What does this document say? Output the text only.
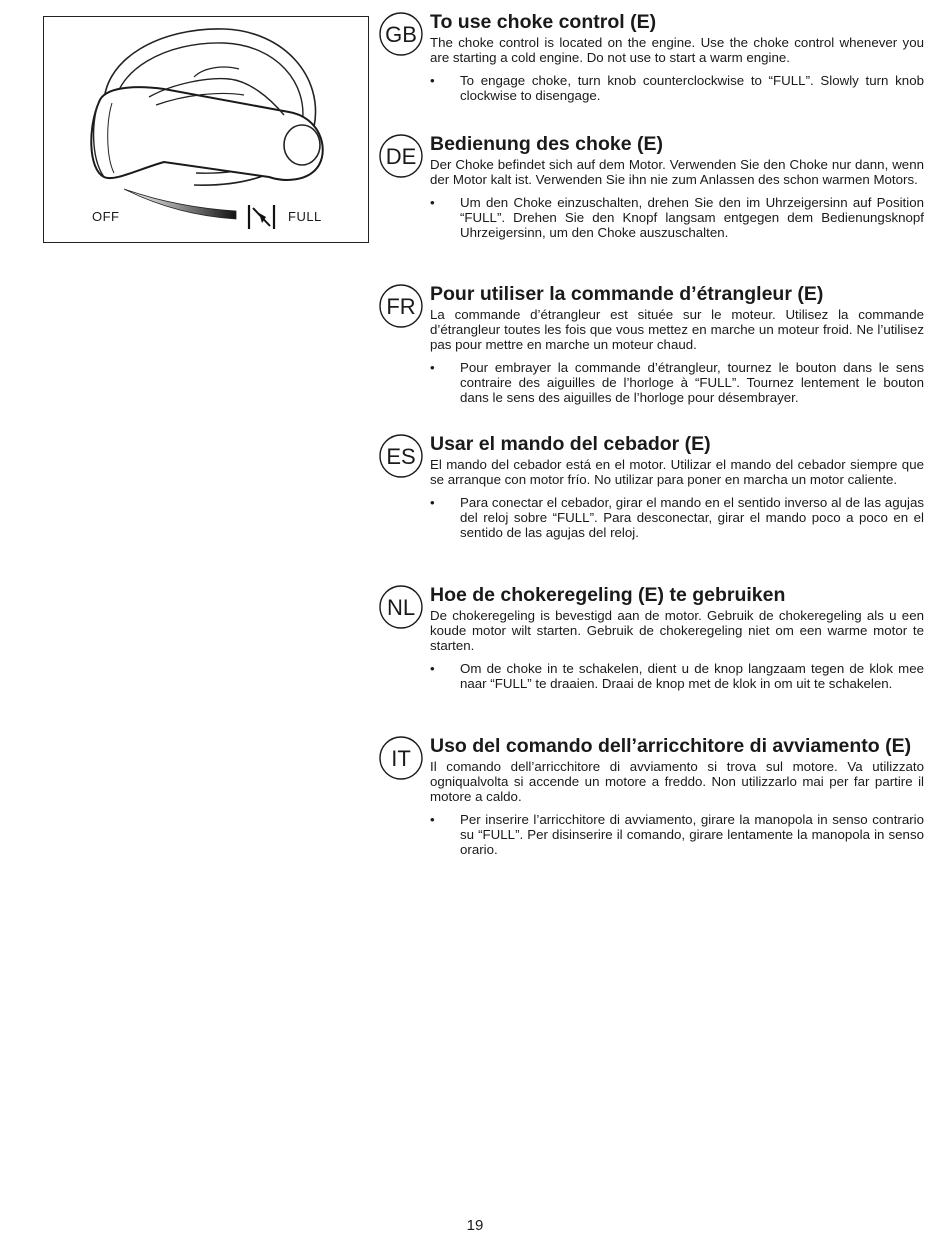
OFF	FULL
GB To use choke control (E)

The choke control is located on the engine. Use the choke control whenever you are starting a cold engine. Do not use to start a warm engine.

• To engage choke, turn knob counterclockwise to “FULL”. Slowly turn knob clockwise to disengage.

DE Bedienung des choke (E)

Der Choke befindet sich auf dem Motor. Verwenden Sie den Choke nur dann, wenn der Motor kalt ist. Verwenden Sie ihn nie zum Anlassen des schon warmen Motors.

• Um den Choke einzuschalten, drehen Sie den im Uhrzeigersinn auf Position “FULL”. Drehen Sie den Knopf langsam entgegen dem Bedienungsknopf Uhrzeigersinn, um den Choke auszuschalten.

FR Pour utiliser la commande d’étrangleur (E)

La commande d’étrangleur est située sur le moteur. Utilisez la commande d’étrangleur toutes les fois que vous mettez en marche un moteur froid. Ne l’utilisez pas pour mettre en marche un moteur chaud.

• Pour embrayer la commande d’étrangleur, tournez le bouton dans le sens contraire des aiguilles de l’horloge à “FULL”. Tournez lentement le bouton dans le sens des aiguilles de l’horloge pour désembrayer.

ES Usar el mando del cebador (E)

El mando del cebador está en el motor. Utilizar el mando del cebador siempre que se arranque con motor frío. No utilizar para poner en marcha un motor caliente.

• Para conectar el cebador, girar el mando en el sentido inverso al de las agujas del reloj sobre “FULL”. Para desconectar, girar el mando poco a poco en el sentido de las agujas del reloj.

NL Hoe de chokeregeling (E) te gebruiken

De chokeregeling is bevestigd aan de motor. Gebruik de chokeregeling als u een koude motor wilt starten. Gebruik de chokeregeling niet om een warme motor te starten.

• Om de choke in te schakelen, dient u de knop langzaam tegen de klok mee naar “FULL” te draaien. Draai de knop met de klok in om uit te schakelen.

IT Uso del comando dell’arricchitore di avviamento (E)

Il comando dell’arricchitore di avviamento si trova sul motore. Va utilizzato ogniqualvolta si accende un motore a freddo. Non utilizzarlo mai per far partire il motore a caldo.

• Per inserire l’arricchitore di avviamento, girare la manopola in senso contrario su “FULL”. Per disinserire il comando, girare lentamente la manopola in senso orario.

19
